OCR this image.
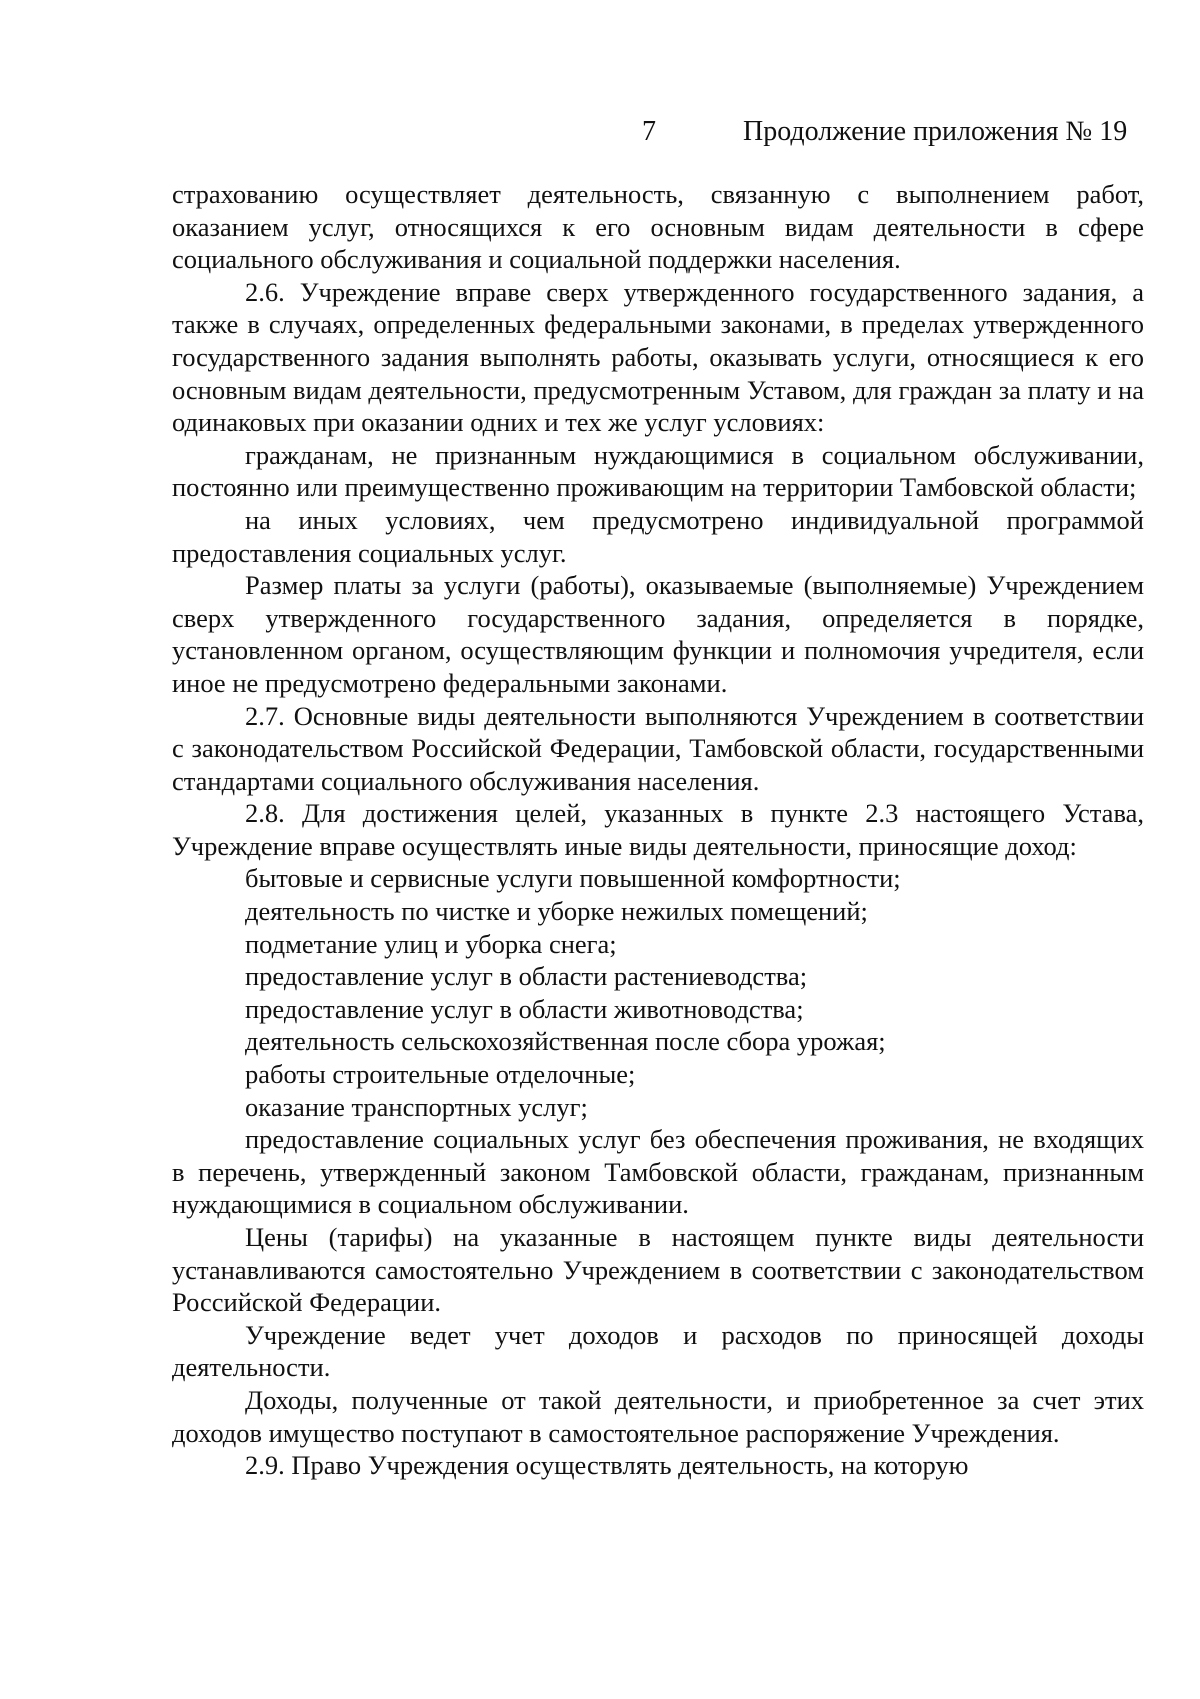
7	Продолжение приложения № 19

страхованию осуществляет деятельность, связанную с выполнением работ, оказанием услуг, относящихся к его основным видам деятельности в сфере социального обслуживания и социальной поддержки населения.

2.6. Учреждение вправе сверх утвержденного государственного задания, а также в случаях, определенных федеральными законами, в пределах утвержденного государственного задания выполнять работы, оказывать услуги, относящиеся к его основным видам деятельности, предусмотренным Уставом, для граждан за плату и на одинаковых при оказании одних и тех же услуг условиях:

гражданам, не признанным нуждающимися в социальном обслуживании, постоянно или преимущественно проживающим на территории Тамбовской области;

на иных условиях, чем предусмотрено индивидуальной программой предоставления социальных услуг.

Размер платы за услуги (работы), оказываемые (выполняемые) Учреждением сверх утвержденного государственного задания, определяется в порядке, установленном органом, осуществляющим функции и полномочия учредителя, если иное не предусмотрено федеральными законами.

2.7. Основные виды деятельности выполняются Учреждением в соответствии с законодательством Российской Федерации, Тамбовской области, государственными стандартами социального обслуживания населения.

2.8. Для достижения целей, указанных в пункте 2.3 настоящего Устава, Учреждение вправе осуществлять иные виды деятельности, приносящие доход:

бытовые и сервисные услуги повышенной комфортности;

деятельность по чистке и уборке нежилых помещений;

подметание улиц и уборка снега;

предоставление услуг в области растениеводства;

предоставление услуг в области животноводства;

деятельность сельскохозяйственная после сбора урожая;

работы строительные отделочные;

оказание транспортных услуг;

предоставление социальных услуг без обеспечения проживания, не входящих в перечень, утвержденный законом Тамбовской области, гражданам, признанным нуждающимися в социальном обслуживании.

Цены (тарифы) на указанные в настоящем пункте виды деятельности устанавливаются самостоятельно Учреждением в соответствии с законодательством Российской Федерации.

Учреждение ведет учет доходов и расходов по приносящей доходы деятельности.

Доходы, полученные от такой деятельности, и приобретенное за счет этих доходов имущество поступают в самостоятельное распоряжение Учреждения.

2.9. Право Учреждения осуществлять деятельность, на которую
